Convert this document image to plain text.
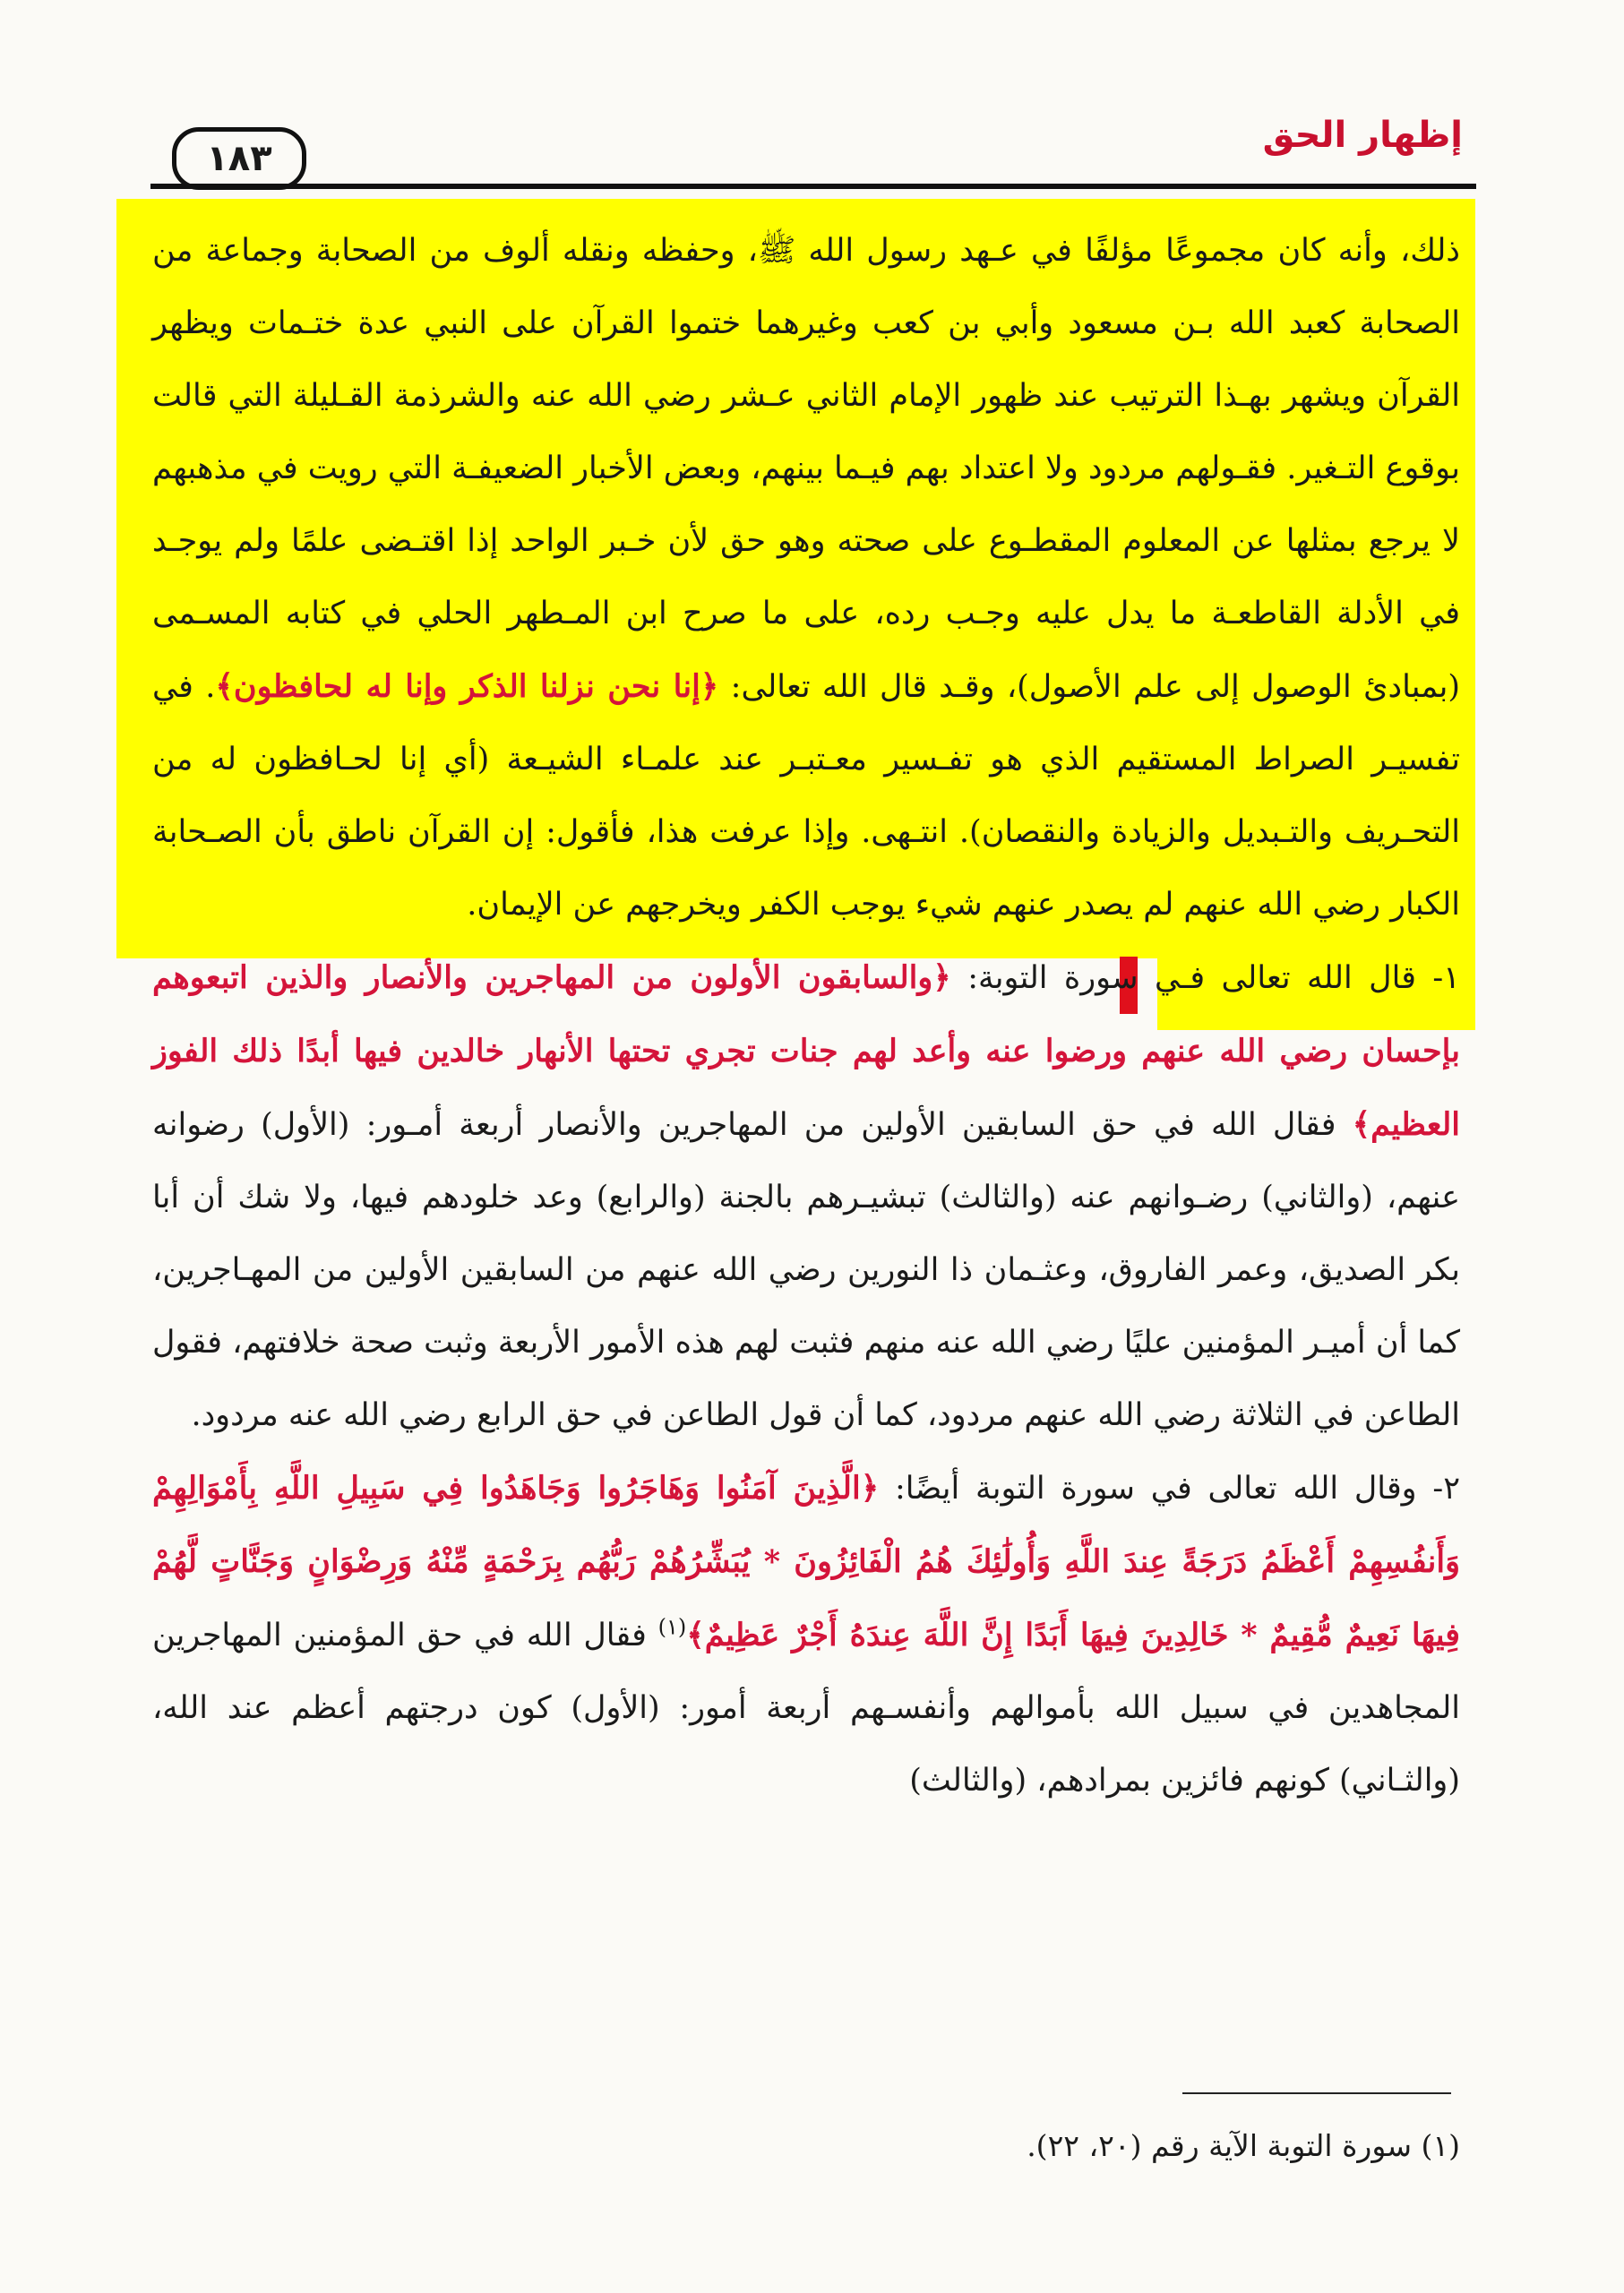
إظهار الحق
١٨٣

ذلك، وأنه كان مجموعًا مؤلفًا في عـهد رسول الله ﷺ، وحفظه ونقله ألوف من الصحابة وجماعة من الصحابة كعبد الله بـن مسعود وأبي بن كعب وغيرهما ختموا القرآن على النبي عدة ختـمات ويظهر القرآن ويشهر بهـذا الترتيب عند ظهور الإمام الثاني عـشر رضي الله عنه والشرذمة القـليلة التي قالت بوقوع التـغير. فقـولهم مردود ولا اعتداد بهم فيـما بينهم، وبعض الأخبار الضعيفـة التي رويت في مذهبهم لا يرجع بمثلها عن المعلوم المقطـوع على صحته وهو حق لأن خـبر الواحد إذا اقتـضى علمًا ولم يوجـد في الأدلة القاطعـة ما يدل عليه وجـب رده، على ما صرح ابن المـطهر الحلي في كتابه المسـمى (بمبادئ الوصول إلى علم الأصول)، وقـد قال الله تعالى: ﴿إنا نحن نزلنا الذكر وإنا له لحافظون﴾. في تفسيـر الصراط المستقيم الذي هو تفـسير معـتبـر عند علمـاء الشيـعة (أي إنا لحـافظون له من التحـريف والتـبديل والزيادة والنقصان). انتـهى. وإذا عرفت هذا، فأقول: إن القرآن ناطق بأن الصـحابة الكبار رضي الله عنهم لم يصدر عنهم شيء يوجب الكفر ويخرجهم عن الإيمان.

١- قال الله تعالى فـي سورة التوبة: ﴿والسابقون الأولون من المهاجرين والأنصار والذين اتبعوهم بإحسان رضي الله عنهم ورضوا عنه وأعد لهم جنات تجري تحتها الأنهار خالدين فيها أبدًا ذلك الفوز العظيم﴾ فقال الله في حق السابقين الأولين من المهاجرين والأنصار أربعة أمـور: (الأول) رضوانه عنهم، (والثاني) رضـوانهم عنه (والثالث) تبشيـرهم بالجنة (والرابع) وعد خلودهم فيها، ولا شك أن أبا بكر الصديق، وعمر الفاروق، وعثـمان ذا النورين رضي الله عنهم من السابقين الأولين من المهـاجرين، كما أن أميـر المؤمنين عليًا رضي الله عنه منهم فثبت لهم هذه الأمور الأربعة وثبت صحة خلافتهم، فقول الطاعن في الثلاثة رضي الله عنهم مردود، كما أن قول الطاعن في حق الرابع رضي الله عنه مردود.

٢- وقال الله تعالى في سورة التوبة أيضًا: ﴿الَّذِينَ آمَنُوا وَهَاجَرُوا وَجَاهَدُوا فِي سَبِيلِ اللَّهِ بِأَمْوَالِهِمْ وَأَنفُسِهِمْ أَعْظَمُ دَرَجَةً عِندَ اللَّهِ وَأُولَٰئِكَ هُمُ الْفَائِزُونَ * يُبَشِّرُهُمْ رَبُّهُم بِرَحْمَةٍ مِّنْهُ وَرِضْوَانٍ وَجَنَّاتٍ لَّهُمْ فِيهَا نَعِيمٌ مُّقِيمٌ * خَالِدِينَ فِيهَا أَبَدًا إِنَّ اللَّهَ عِندَهُ أَجْرٌ عَظِيمٌ﴾$^{(١)}$ فقال الله في حق المؤمنين المهاجرين المجاهدين في سبيل الله بأموالهم وأنفسـهم أربعة أمور: (الأول) كون درجتهم أعظم عند الله، (والثـاني) كونهم فائزين بمرادهم، (والثالث)

(١) سورة التوبة الآية رقم (٢٠، ٢٢).
